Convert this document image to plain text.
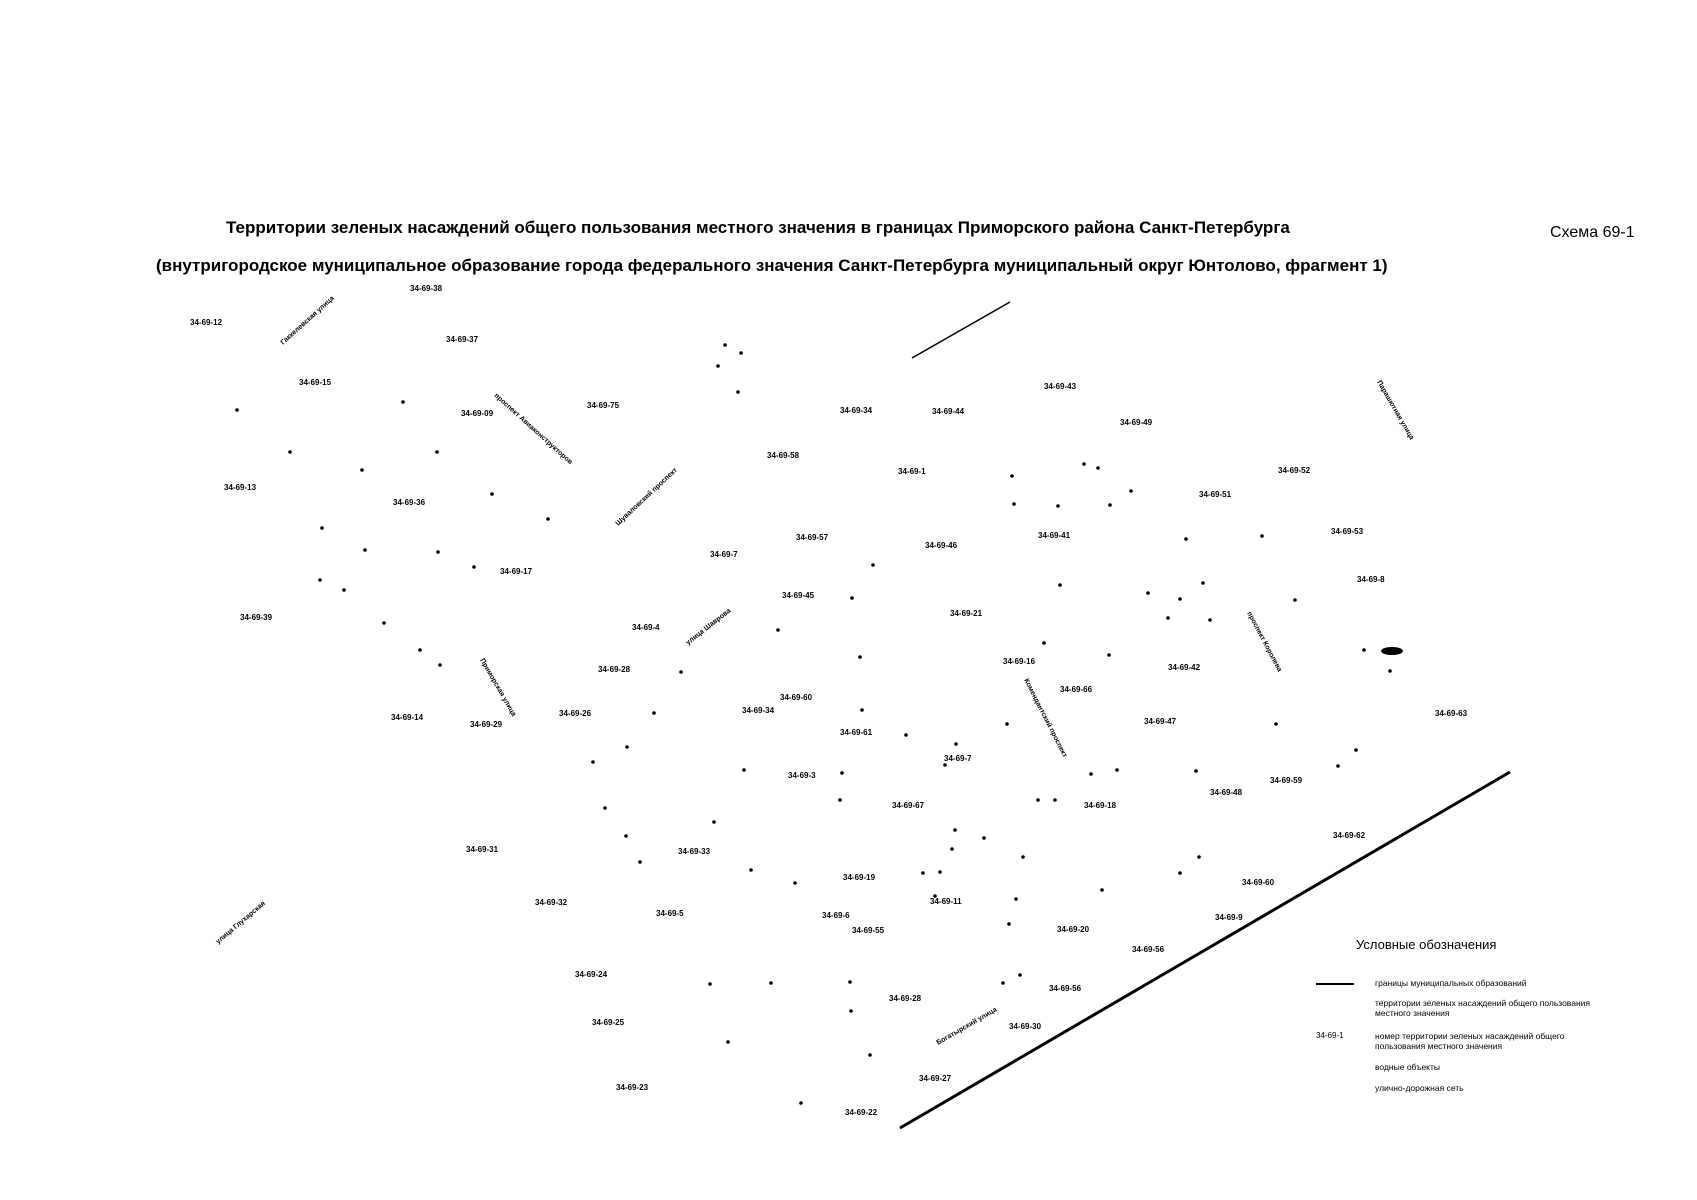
Территории зеленых насаждений общего пользования местного значения в границах Приморского района Санкт-Петербурга	Схема 69-1
(внутригородское муниципальное образование города федерального значения Санкт-Петербурга муниципальный округ Юнтолово, фрагмент 1)
34-69-38
34-69-12
34-69-37
34-69-15
34-69-09
34-69-75
34-69-34	34-69-44
34-69-43
34-69-49
34-69-13
34-69-36
34-69-58
34-69-1	34-69-52
34-69-51
34-69-17
34-69-57
34-69-46
34-69-41	34-69-53
34-69-7
34-69-8
34-69-39
34-69-45
34-69-4
34-69-21
34-69-28
34-69-16
34-69-42
34-69-66
34-69-60
34-69-34
34-69-26
34-69-14
34-69-29
34-69-61
34-69-47
34-69-63
34-69-7
34-69-3
34-69-59
34-69-48
34-69-67	34-69-18
34-69-31	34-69-33
34-69-62
34-69-19
34-69-60
34-69-32
34-69-5	34-69-6
34-69-11
34-69-9
34-69-55	34-69-20
34-69-56
34-69-24
34-69-28
34-69-56
34-69-25	34-69-30
34-69-27
34-69-23
34-69-22
Гаккелевская улица
проспект Авиаконструкторов
Шуваловский проспект
улица Шаврова
Приморская улица	Комендантский проспект
Парашютная улица
проспект Королева
улица Глухарская
Богатырский улица
Условные обозначения
границы муниципальных образований
территории зеленых насаждений общего пользования местного значения
34-69-1	номер территории зеленых насаждений общего пользования местного значения
водные объекты
улично-дорожная сеть
